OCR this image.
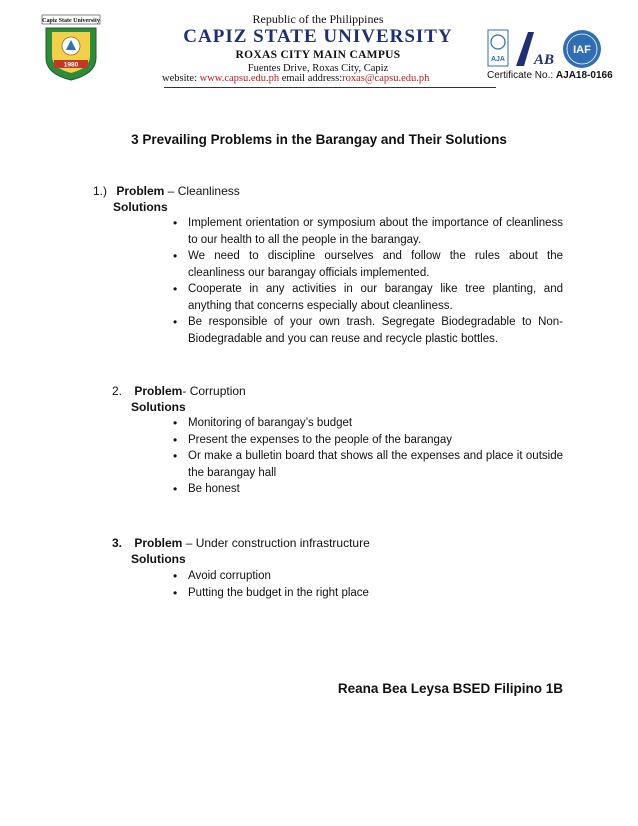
Capiz State University
1980
Republic of the Philippines
CAPIZ STATE UNIVERSITY
ROXAS CITY MAIN CAMPUS
Fuentes Drive, Roxas City, Capiz
website: www.capsu.edu.ph email address:roxas@capsu.edu.ph
AJA AB
IAF
Certificate No.: AJA18-0166
3 Prevailing Problems in the Barangay and Their Solutions
1.) Problem – Cleanliness
Solutions
• Implement orientation or symposium about the importance of cleanliness to our health to all the people in the barangay.
• We need to discipline ourselves and follow the rules about the cleanliness our barangay officials implemented.
• Cooperate in any activities in our barangay like tree planting, and anything that concerns especially about cleanliness.
• Be responsible of your own trash. Segregate Biodegradable to Non-Biodegradable and you can reuse and recycle plastic bottles.
2. Problem- Corruption
Solutions
• Monitoring of barangay’s budget
• Present the expenses to the people of the barangay
• Or make a bulletin board that shows all the expenses and place it outside the barangay hall
• Be honest
3. Problem – Under construction infrastructure
Solutions
• Avoid corruption
• Putting the budget in the right place
Reana Bea Leysa BSED Filipino 1B
